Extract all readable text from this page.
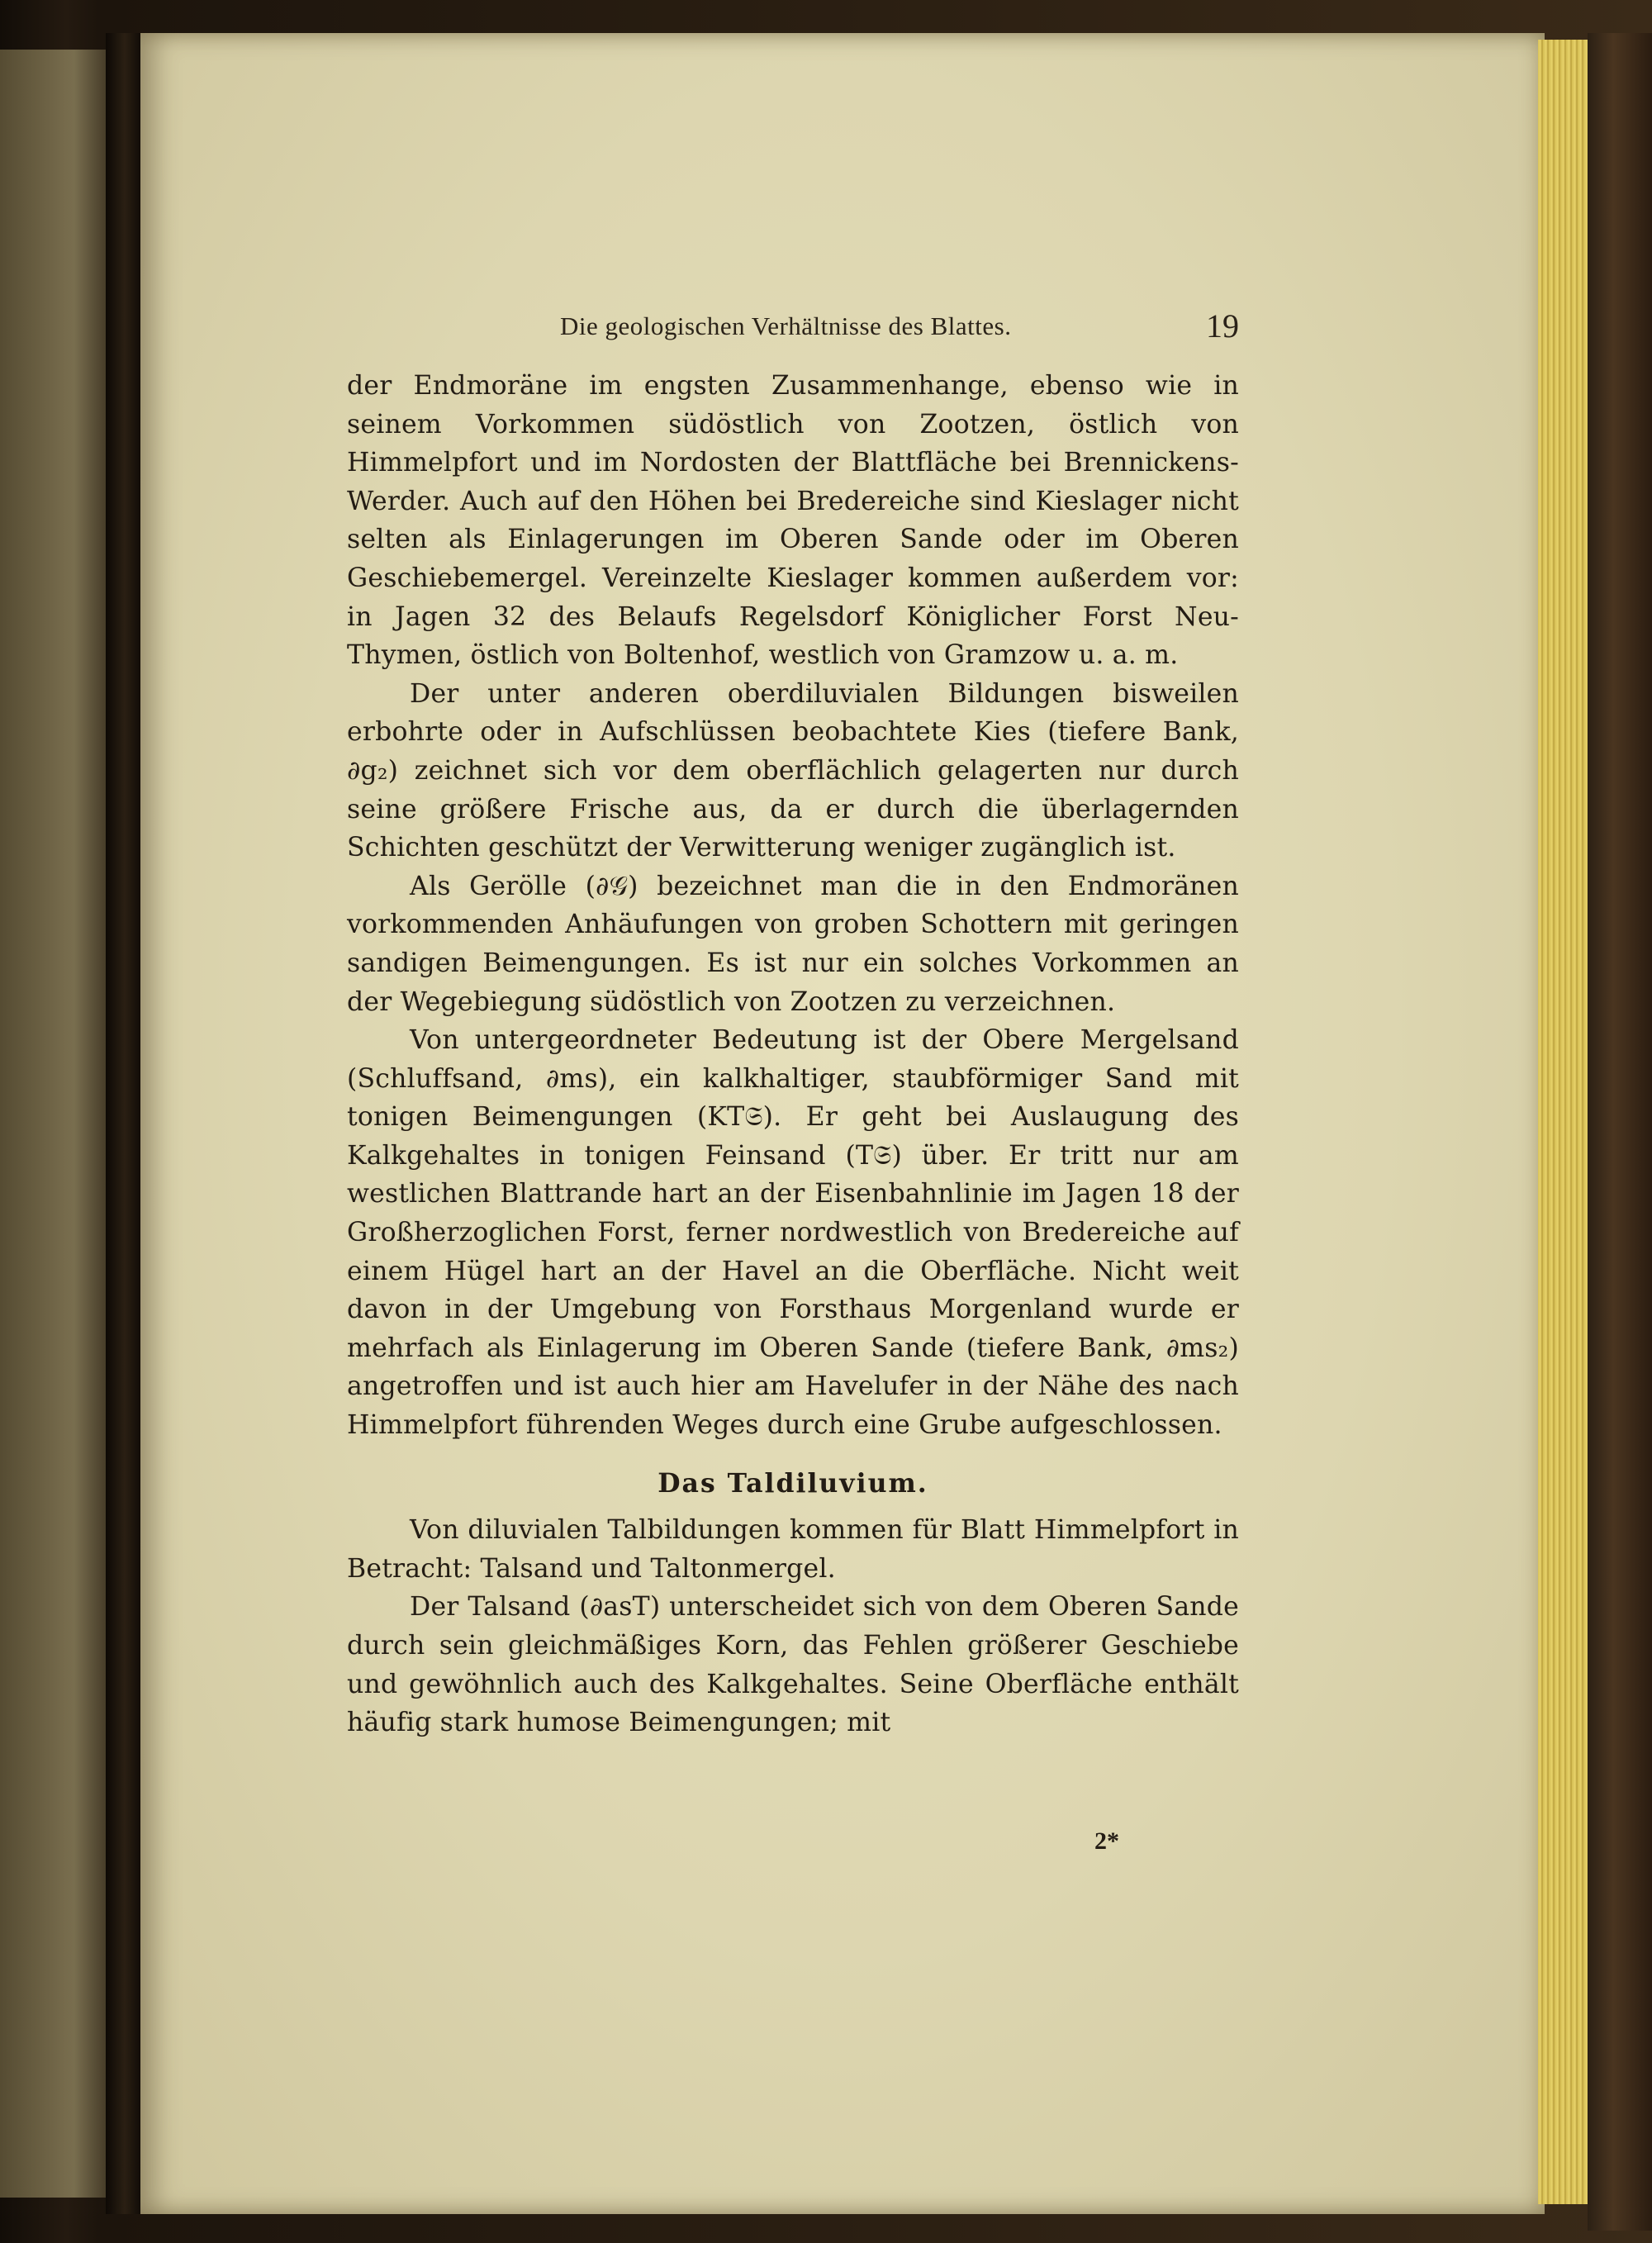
Die geologischen Verhältnisse des Blattes.	19

der Endmoräne im engsten Zusammenhange, ebenso wie in seinem Vorkommen südöstlich von Zootzen, östlich von Himmelpfort und im Nordosten der Blattfläche bei Brennickens-Werder. Auch auf den Höhen bei Bredereiche sind Kieslager nicht selten als Einlagerungen im Oberen Sande oder im Oberen Geschiebemergel. Vereinzelte Kieslager kommen außerdem vor: in Jagen 32 des Belaufs Regelsdorf Königlicher Forst Neu-Thymen, östlich von Boltenhof, westlich von Gramzow u. a. m.

Der unter anderen oberdiluvialen Bildungen bisweilen erbohrte oder in Aufschlüssen beobachtete Kies (tiefere Bank, ∂g₂) zeichnet sich vor dem oberflächlich gelagerten nur durch seine größere Frische aus, da er durch die überlagernden Schichten geschützt der Verwitterung weniger zugänglich ist.

Als Gerölle (∂𝒢) bezeichnet man die in den Endmoränen vorkommenden Anhäufungen von groben Schottern mit geringen sandigen Beimengungen. Es ist nur ein solches Vorkommen an der Wegebiegung südöstlich von Zootzen zu verzeichnen.

Von untergeordneter Bedeutung ist der Obere Mergelsand (Schluffsand, ∂ms), ein kalkhaltiger, staubförmiger Sand mit tonigen Beimengungen (KT𝔖). Er geht bei Auslaugung des Kalkgehaltes in tonigen Feinsand (T𝔖) über. Er tritt nur am westlichen Blattrande hart an der Eisenbahnlinie im Jagen 18 der Großherzoglichen Forst, ferner nordwestlich von Bredereiche auf einem Hügel hart an der Havel an die Oberfläche. Nicht weit davon in der Umgebung von Forsthaus Morgenland wurde er mehrfach als Einlagerung im Oberen Sande (tiefere Bank, ∂ms₂) angetroffen und ist auch hier am Havelufer in der Nähe des nach Himmelpfort führenden Weges durch eine Grube aufgeschlossen.

Das Taldiluvium.

Von diluvialen Talbildungen kommen für Blatt Himmelpfort in Betracht: Talsand und Taltonmergel.

Der Talsand (∂asT) unterscheidet sich von dem Oberen Sande durch sein gleichmäßiges Korn, das Fehlen größerer Geschiebe und gewöhnlich auch des Kalkgehaltes. Seine Oberfläche enthält häufig stark humose Beimengungen; mit

2*
